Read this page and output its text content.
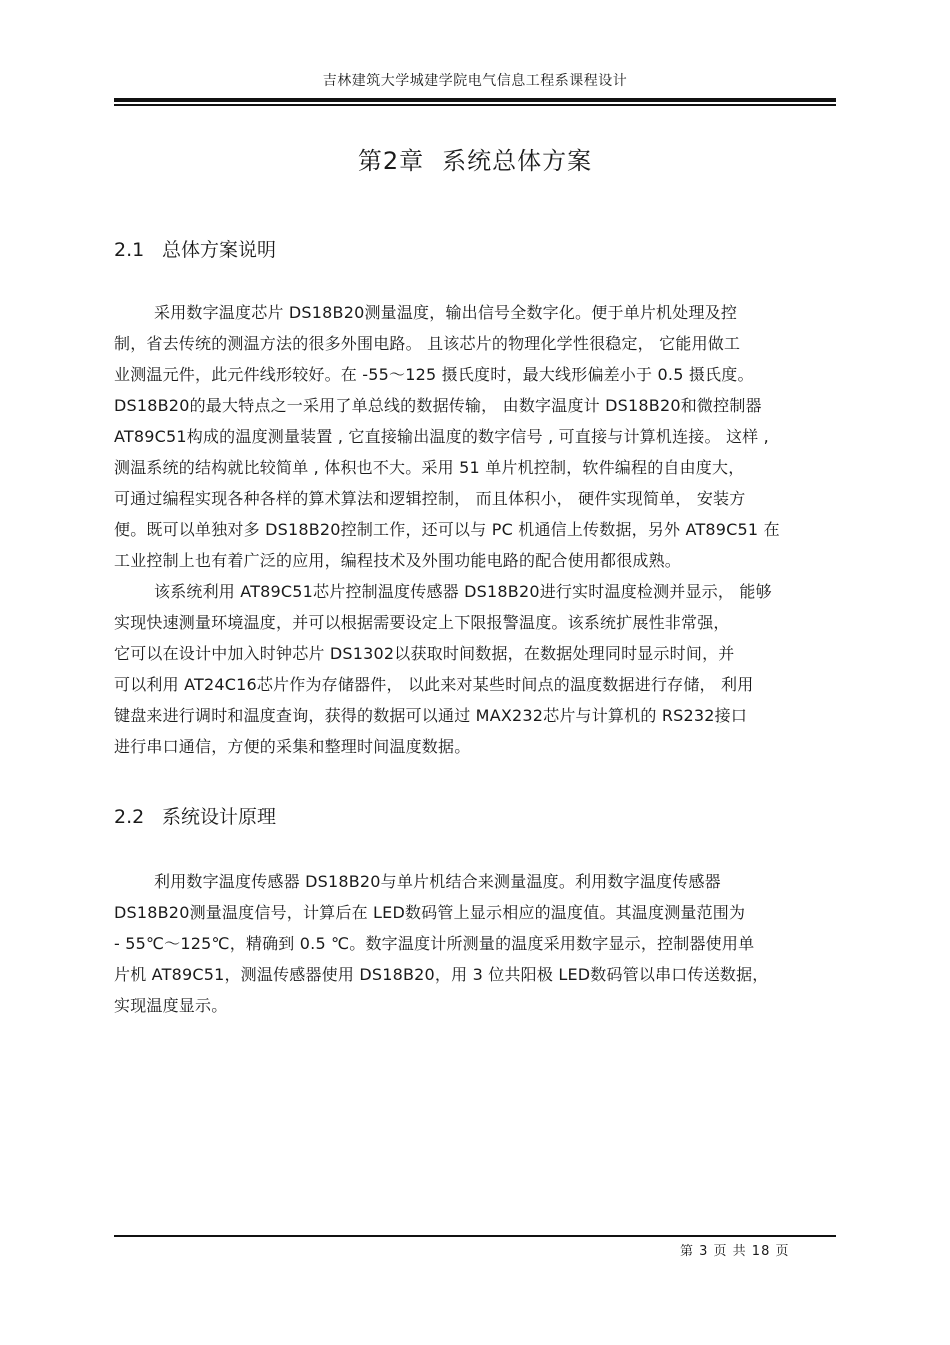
吉林建筑大学城建学院电气信息工程系课程设计
第2章 系统总体方案
2.1 总体方案说明
采用数字温度芯片 DS18B20测量温度，输出信号全数字化。便于单片机处理及控
制，省去传统的测温方法的很多外围电路。 且该芯片的物理化学性很稳定， 它能用做工
业测温元件，此元件线形较好。在 -55～125 摄氏度时，最大线形偏差小于 0.5 摄氏度。
DS18B20的最大特点之一采用了单总线的数据传输， 由数字温度计 DS18B20和微控制器
AT89C51构成的温度测量装置 , 它直接输出温度的数字信号 , 可直接与计算机连接。 这样 ,
测温系统的结构就比较简单 , 体积也不大。采用 51 单片机控制，软件编程的自由度大，
可通过编程实现各种各样的算术算法和逻辑控制， 而且体积小， 硬件实现简单， 安装方
便。既可以单独对多 DS18B20控制工作，还可以与 PC 机通信上传数据，另外 AT89C51 在
工业控制上也有着广泛的应用，编程技术及外围功能电路的配合使用都很成熟。
该系统利用 AT89C51芯片控制温度传感器 DS18B20进行实时温度检测并显示， 能够
实现快速测量环境温度，并可以根据需要设定上下限报警温度。该系统扩展性非常强，
它可以在设计中加入时钟芯片 DS1302以获取时间数据，在数据处理同时显示时间，并
可以利用 AT24C16芯片作为存储器件， 以此来对某些时间点的温度数据进行存储， 利用
键盘来进行调时和温度查询，获得的数据可以通过 MAX232芯片与计算机的 RS232接口
进行串口通信，方便的采集和整理时间温度数据。
2.2 系统设计原理
利用数字温度传感器 DS18B20与单片机结合来测量温度。利用数字温度传感器
DS18B20测量温度信号，计算后在 LED数码管上显示相应的温度值。其温度测量范围为
- 55℃～125℃，精确到 0.5 ℃。数字温度计所测量的温度采用数字显示，控制器使用单
片机 AT89C51，测温传感器使用 DS18B20，用 3 位共阳极 LED数码管以串口传送数据，
实现温度显示。
第 3 页 共 18 页
